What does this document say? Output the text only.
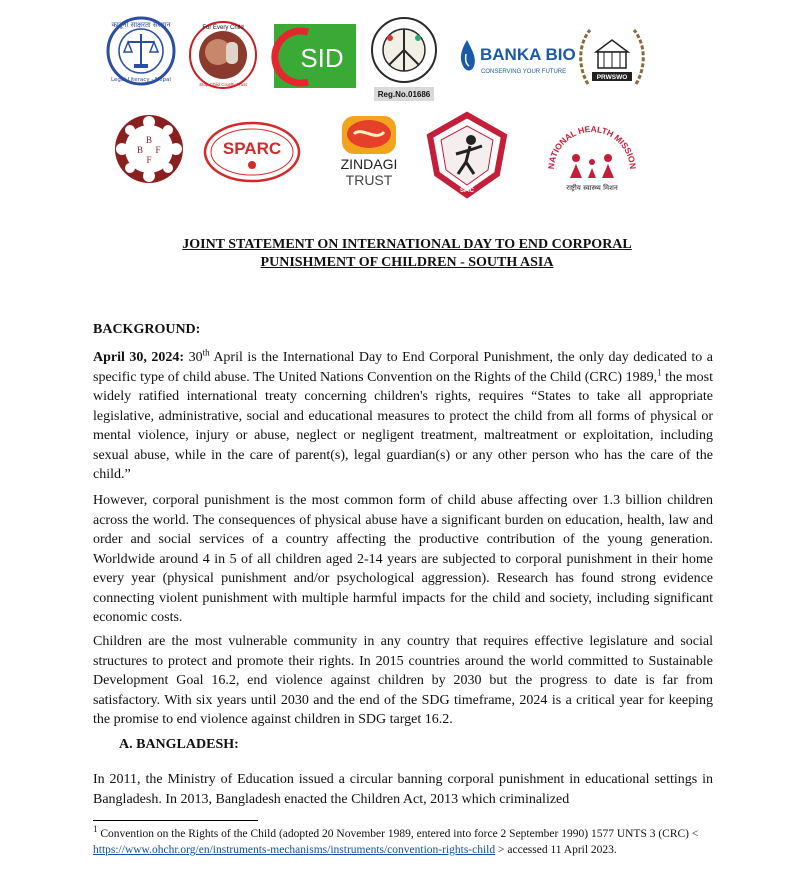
कानूनी साक्षरता संस्थान
Legal Literacy - Nepal
For Every Child
Stop Child Cruelty Trust
SID
Reg.No.01686
BANKA BIO
CONSERVING YOUR FUTURE
PRWSWO
B
B F
F
SPARC
ZINDAGI
TRUST
SPIC
NATIONAL HEALTH MISSION
राष्ट्रीय स्वास्थ्य मिशन

JOINT STATEMENT ON INTERNATIONAL DAY TO END CORPORAL

PUNISHMENT OF CHILDREN - SOUTH ASIA

BACKGROUND:

April 30, 2024: 30th April is the International Day to End Corporal Punishment, the only day dedicated to a specific type of child abuse. The United Nations Convention on the Rights of the Child (CRC) 1989,$^1$ the most widely ratified international treaty concerning children's rights, requires “States to take all appropriate legislative, administrative, social and educational measures to protect the child from all forms of physical or mental violence, injury or abuse, neglect or negligent treatment, maltreatment or exploitation, including sexual abuse, while in the care of parent(s), legal guardian(s) or any other person who has the care of the child.”

However, corporal punishment is the most common form of child abuse affecting over 1.3 billion children across the world. The consequences of physical abuse have a significant burden on education, health, law and order and social services of a country affecting the productive contribution of the young generation. Worldwide around 4 in 5 of all children aged 2-14 years are subjected to corporal punishment in their home every year (physical punishment and/or psychological aggression). Research has found strong evidence connecting violent punishment with multiple harmful impacts for the child and society, including significant economic costs.

Children are the most vulnerable community in any country that requires effective legislature and social structures to protect and promote their rights. In 2015 countries around the world committed to Sustainable Development Goal 16.2, end violence against children by 2030 but the progress to date is far from satisfactory. With six years until 2030 and the end of the SDG timeframe, 2024 is a critical year for keeping the promise to end violence against children in SDG target 16.2.

A. BANGLADESH:

In 2011, the Ministry of Education issued a circular banning corporal punishment in educational settings in Bangladesh. In 2013, Bangladesh enacted the Children Act, 2013 which criminalized

$^1$ Convention on the Rights of the Child (adopted 20 November 1989, entered into force 2 September 1990) 1577 UNTS 3 (CRC) < https://www.ohchr.org/en/instruments-mechanisms/instruments/convention-rights-child > accessed 11 April 2023.
